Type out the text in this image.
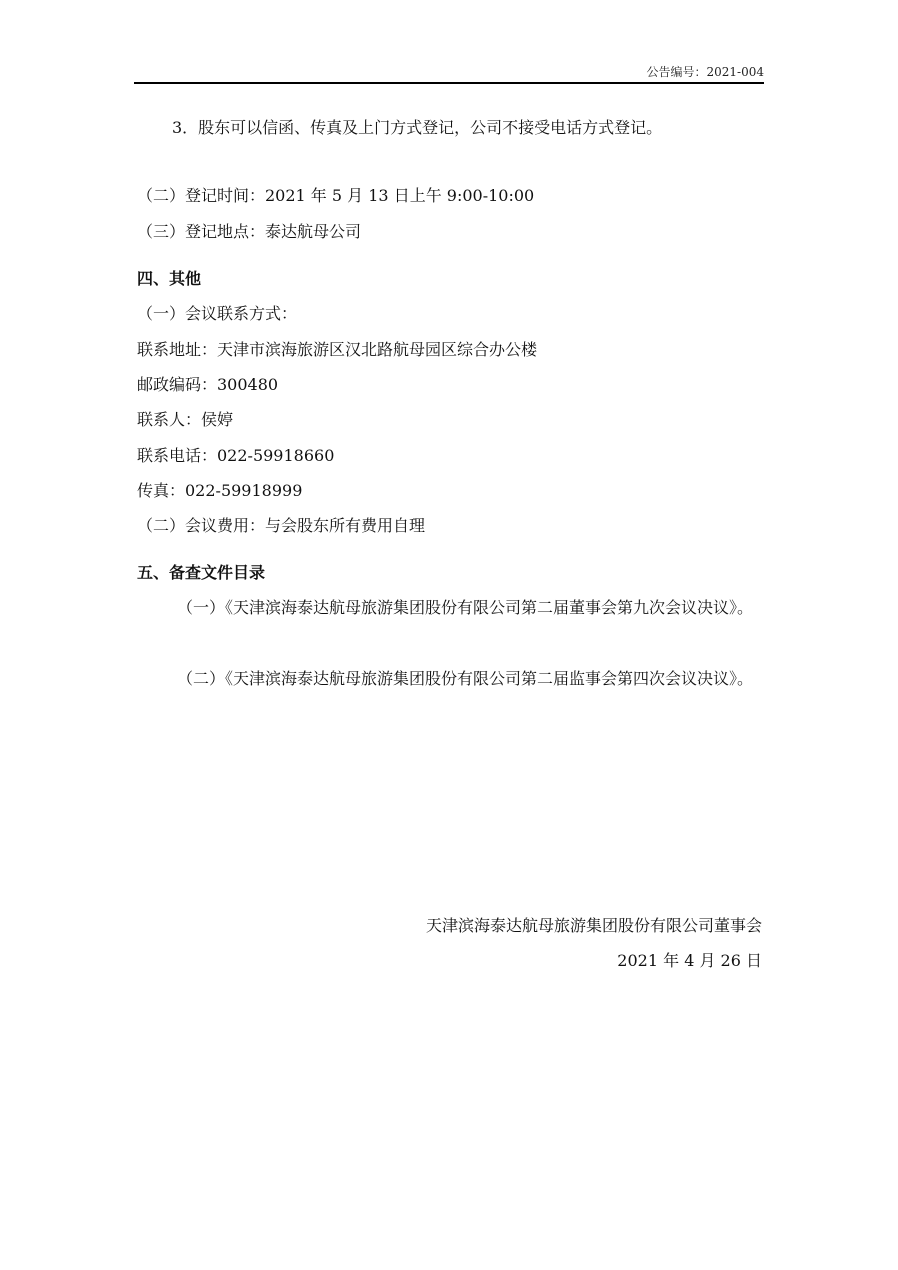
公告编号：2021-004
3．股东可以信函、传真及上门方式登记，公司不接受电话方式登记。
（二）登记时间：2021 年 5 月 13 日上午 9:00-10:00
（三）登记地点：泰达航母公司
四、其他
（一）会议联系方式：
联系地址：天津市滨海旅游区汉北路航母园区综合办公楼
邮政编码：300480
联系人：侯婷
联系电话：022-59918660
传真：022-59918999
（二）会议费用：与会股东所有费用自理
五、备查文件目录
（一）《天津滨海泰达航母旅游集团股份有限公司第二届董事会第九次会议决议》。
（二）《天津滨海泰达航母旅游集团股份有限公司第二届监事会第四次会议决议》。
天津滨海泰达航母旅游集团股份有限公司董事会
2021 年 4 月 26 日
